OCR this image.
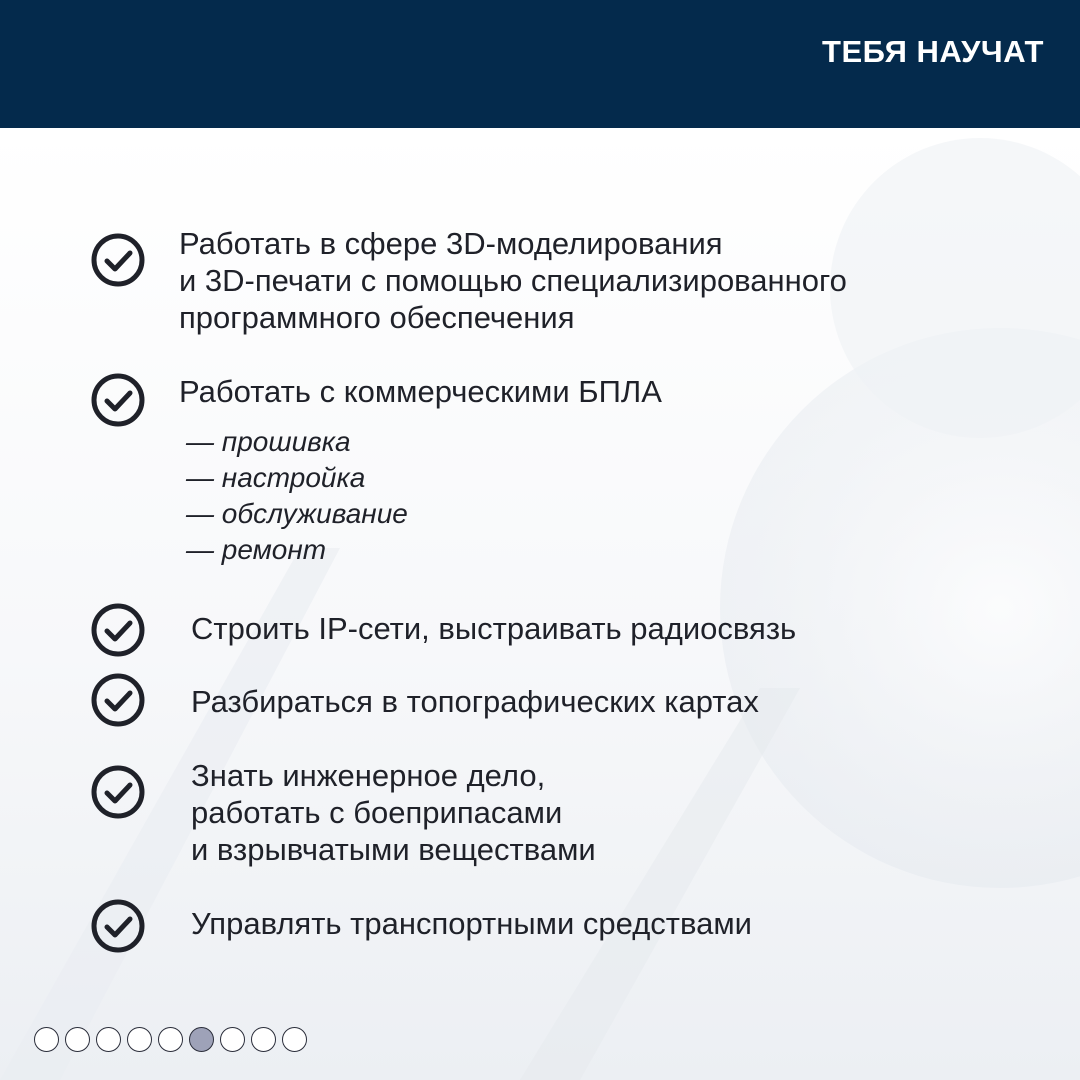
ТЕБЯ НАУЧАТ
Работать в сфере 3D-моделирования
и 3D-печати с помощью специализированного
программного обеспечения
Работать с коммерческими БПЛА
— прошивка
— настройка
— обслуживание
— ремонт
Строить IP-сети, выстраивать радиосвязь
Разбираться в топографических картах
Знать инженерное дело,
работать с боеприпасами
и взрывчатыми веществами
Управлять транспортными средствами
